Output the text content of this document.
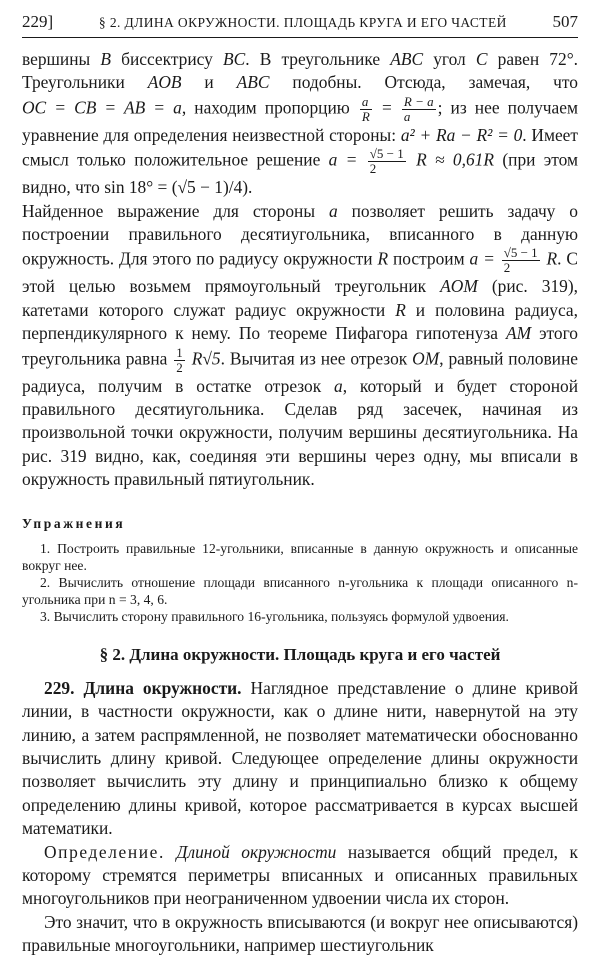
229]	§ 2. ДЛИНА ОКРУЖНОСТИ. ПЛОЩАДЬ КРУГА И ЕГО ЧАСТЕЙ	507

вершины B биссектрису BC. В треугольнике ABC угол C равен 72°. Треугольники AOB и ABC подобны. Отсюда, замечая, что OC = CB = AB = a, находим пропорцию $\frac{a}{R} = \frac{R - a}{a}$ ; из нее получаем уравнение для определения неизвестной стороны: a² + Ra − R² = 0. Имеет смысл только положительное решение $a = \frac{√5 - 1}{2}$ R ≈ 0,61R (при этом видно, что sin 18° = (√5 − 1)/4).

Найденное выражение для стороны a позволяет решить задачу о построении правильного десятиугольника, вписанного в данную окружность. Для этого по радиусу окружности R построим $a = \frac{√5 - 1}{2} R$. С этой целью возьмем прямоугольный треугольник AOM (рис. 319), катетами которого служат радиус окружности R и половина радиуса, перпендикулярного к нему. По теореме Пифагора гипотенуза AM этого треугольника равна $\frac{1}{2} R√5$. Вычитая из нее отрезок OM, равный половине радиуса, получим в остатке отрезок a, который и будет стороной правильного десятиугольника. Сделав ряд засечек, начиная из произвольной точки окружности, получим вершины десятиугольника. На рис. 319 видно, как, соединяя эти вершины через одну, мы вписали в окружность правильный пятиугольник.

Упражнения

1. Построить правильные 12-угольники, вписанные в данную окружность и описанные вокруг нее.

2. Вычислить отношение площади вписанного n-угольника к площади описанного n-угольника при n = 3, 4, 6.

3. Вычислить сторону правильного 16-угольника, пользуясь формулой удвоения.

§ 2. Длина окружности. Площадь круга и его частей

229. Длина окружности. Наглядное представление о длине кривой линии, в частности окружности, как о длине нити, навернутой на эту линию, а затем распрямленной, не позволяет математически обоснованно вычислить длину кривой. Следующее определение длины окружности позволяет вычислить эту длину и принципиально близко к общему определению длины кривой, которое рассматривается в курсах высшей математики.

Определение. Длиной окружности называется общий предел, к которому стремятся периметры вписанных и описанных правильных многоугольников при неограниченном удвоении числа их сторон.

Это значит, что в окружность вписываются (и вокруг нее описываются) правильные многоугольники, например шестиугольник
